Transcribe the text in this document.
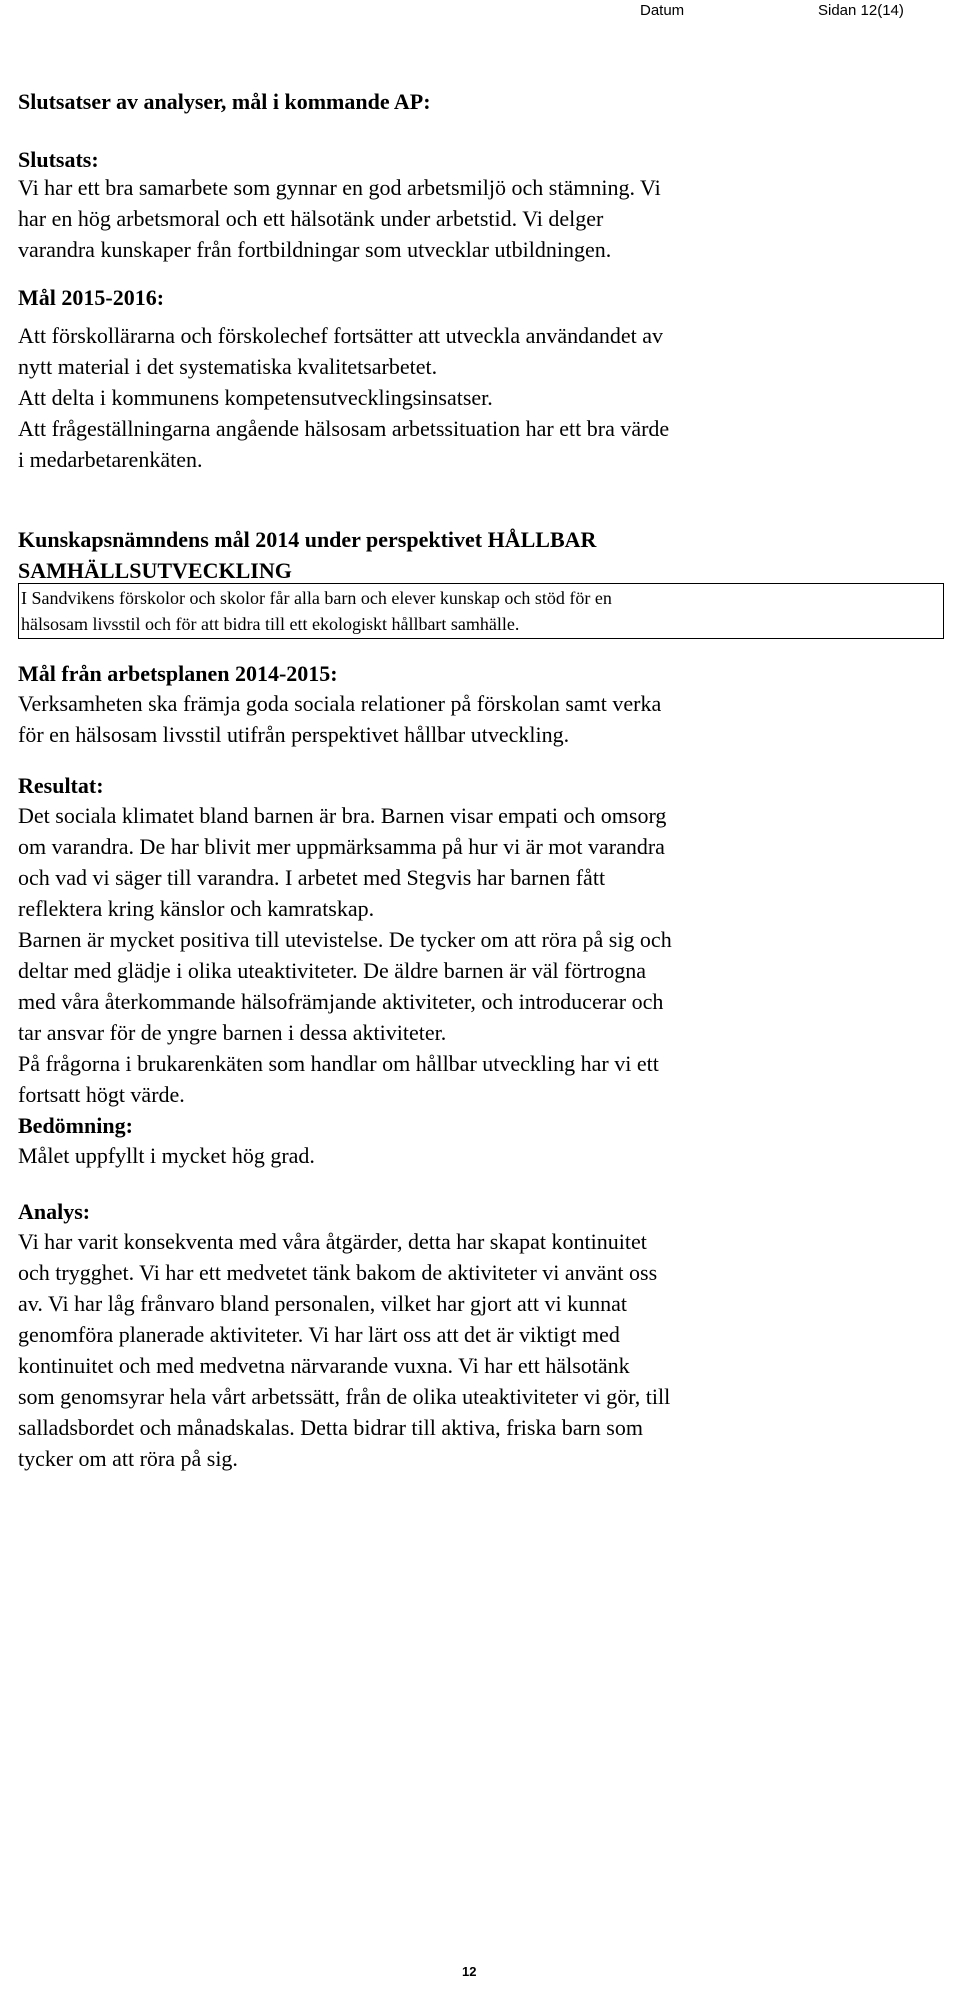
Datum	Sidan 12(14)
Slutsatser av analyser, mål i kommande AP:
Slutsats:

Vi har ett bra samarbete som gynnar en god arbetsmiljö och stämning. Vi

har en hög arbetsmoral och ett hälsotänk under arbetstid. Vi delger

varandra kunskaper från fortbildningar som utvecklar utbildningen.

Mål 2015-2016:

Att förskollärarna och förskolechef fortsätter att utveckla användandet av

nytt material i det systematiska kvalitetsarbetet.

Att delta i kommunens kompetensutvecklingsinsatser.

Att frågeställningarna angående hälsosam arbetssituation har ett bra värde

i medarbetarenkäten.

Kunskapsnämndens mål 2014 under perspektivet HÅLLBAR

SAMHÄLLSUTVECKLING

I Sandvikens förskolor och skolor får alla barn och elever kunskap och stöd för en

hälsosam livsstil och för att bidra till ett ekologiskt hållbart samhälle.

Mål från arbetsplanen 2014-2015:

Verksamheten ska främja goda sociala relationer på förskolan samt verka

för en hälsosam livsstil utifrån perspektivet hållbar utveckling.

Resultat:

Det sociala klimatet bland barnen är bra. Barnen visar empati och omsorg

om varandra. De har blivit mer uppmärksamma på hur vi är mot varandra

och vad vi säger till varandra. I arbetet med Stegvis har barnen fått

reflektera kring känslor och kamratskap.

Barnen är mycket positiva till utevistelse. De tycker om att röra på sig och

deltar med glädje i olika uteaktiviteter. De äldre barnen är väl förtrogna

med våra återkommande hälsofrämjande aktiviteter, och introducerar och

tar ansvar för de yngre barnen i dessa aktiviteter.

På frågorna i brukarenkäten som handlar om hållbar utveckling har vi ett

fortsatt högt värde.

Bedömning:

Målet uppfyllt i mycket hög grad.

Analys:

Vi har varit konsekventa med våra åtgärder, detta har skapat kontinuitet

och trygghet. Vi har ett medvetet tänk bakom de aktiviteter vi använt oss

av. Vi har låg frånvaro bland personalen, vilket har gjort att vi kunnat

genomföra planerade aktiviteter. Vi har lärt oss att det är viktigt med

kontinuitet och med medvetna närvarande vuxna. Vi har ett hälsotänk

som genomsyrar hela vårt arbetssätt, från de olika uteaktiviteter vi gör, till

salladsbordet och månadskalas. Detta bidrar till aktiva, friska barn som

tycker om att röra på sig.

12
